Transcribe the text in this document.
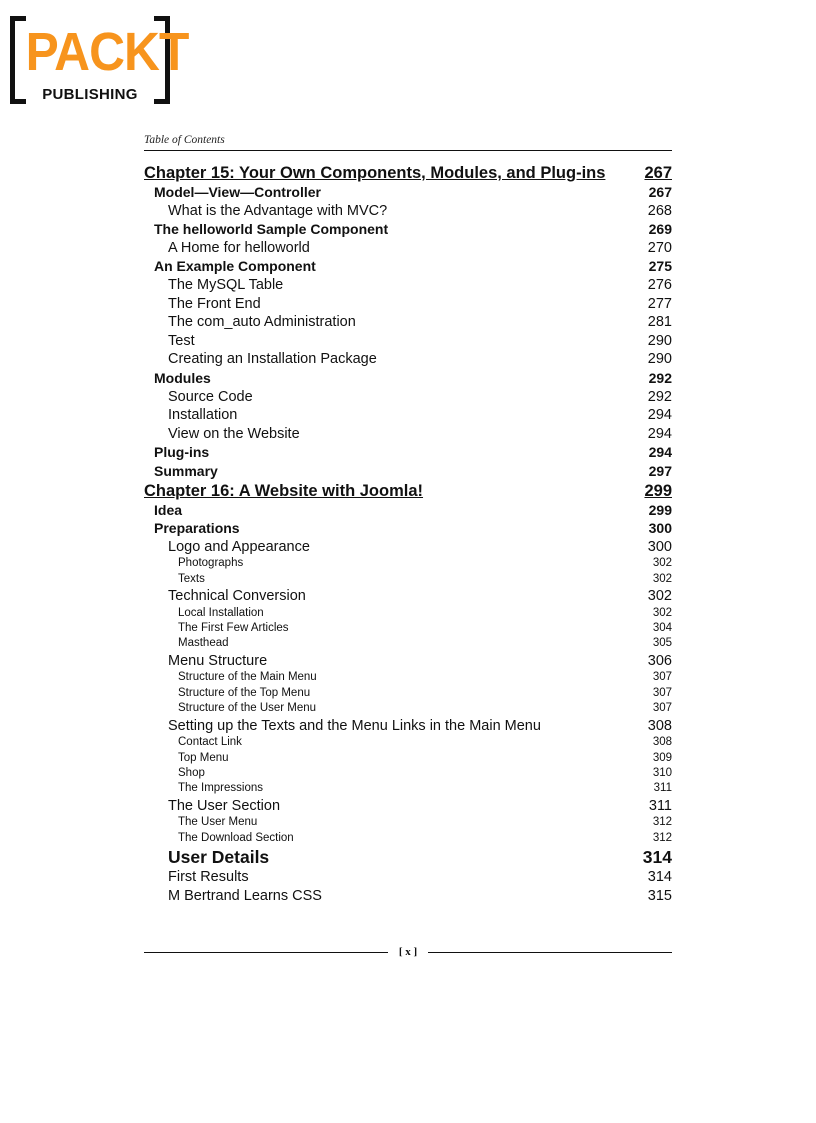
PACKT
PUBLISHING
Table of Contents
Chapter 15: Your Own Components, Modules, and Plug-ins 267
Model—View—Controller	267
What is the Advantage with MVC?	268
The helloworld Sample Component	269
A Home for helloworld	270
An Example Component	275
The MySQL Table	276
The Front End	277
The com_auto Administration	281
Test	290
Creating an Installation Package	290
Modules	292
Source Code	292
Installation	294
View on the Website	294
Plug-ins	294
Summary	297
Chapter 16: A Website with Joomla!	299
Idea	299
Preparations	300
Logo and Appearance	300
Photographs	302
Texts	302
Technical Conversion	302
Local Installation	302
The First Few Articles	304
Masthead	305
Menu Structure	306
Structure of the Main Menu	307
Structure of the Top Menu	307
Structure of the User Menu	307
Setting up the Texts and the Menu Links in the Main Menu	308
Contact Link	308
Top Menu	309
Shop	310
The Impressions	311
The User Section	311
The User Menu	312
The Download Section	312
User Details	314
First Results	314
M Bertrand Learns CSS	315
[ x ]
